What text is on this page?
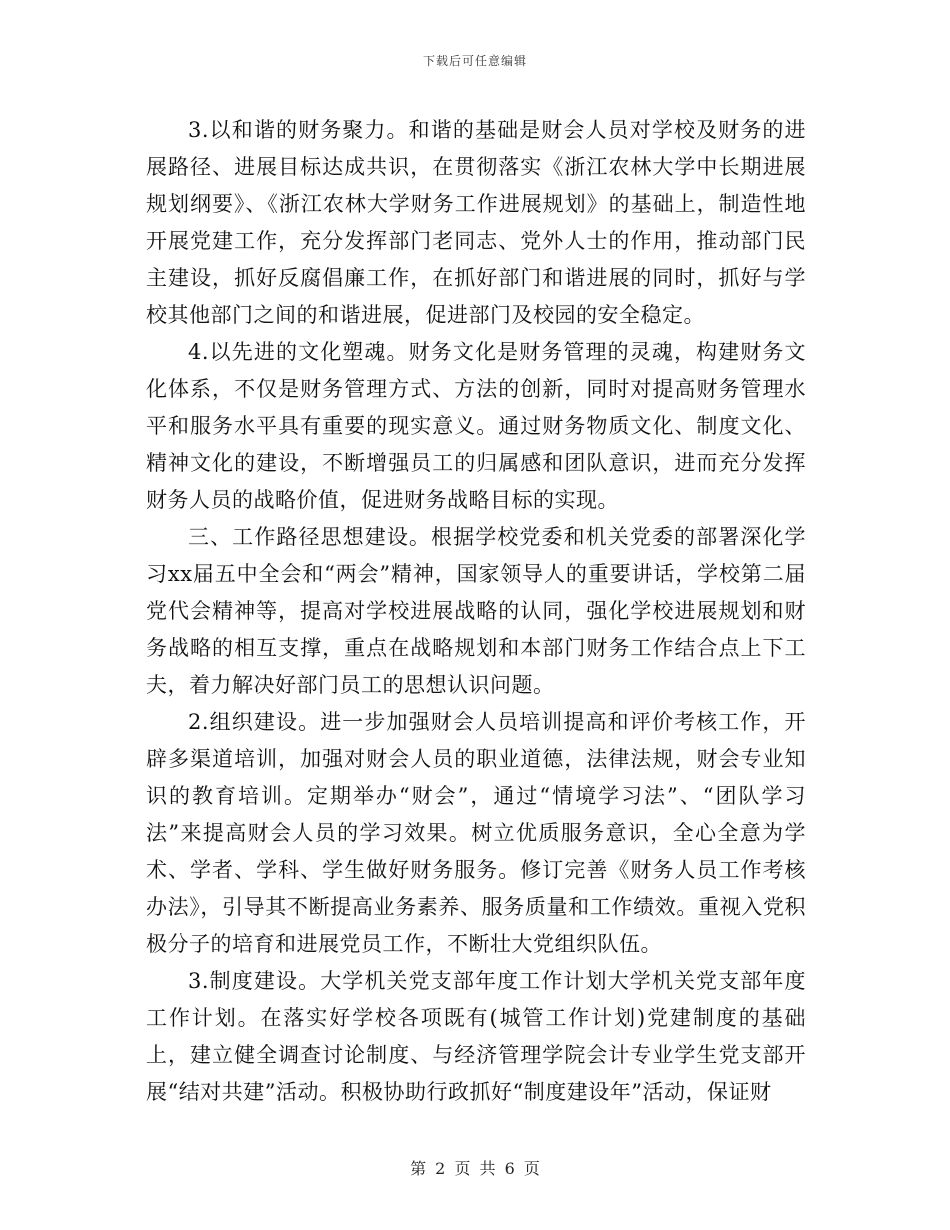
下载后可任意编辑

3.以和谐的财务聚力。和谐的基础是财会人员对学校及财务的进展路径、进展目标达成共识，在贯彻落实《浙江农林大学中长期进展规划纲要》、《浙江农林大学财务工作进展规划》的基础上，制造性地开展党建工作，充分发挥部门老同志、党外人士的作用，推动部门民主建设，抓好反腐倡廉工作，在抓好部门和谐进展的同时，抓好与学校其他部门之间的和谐进展，促进部门及校园的安全稳定。

4.以先进的文化塑魂。财务文化是财务管理的灵魂，构建财务文化体系，不仅是财务管理方式、方法的创新，同时对提高财务管理水平和服务水平具有重要的现实意义。通过财务物质文化、制度文化、精神文化的建设，不断增强员工的归属感和团队意识，进而充分发挥财务人员的战略价值，促进财务战略目标的实现。

三、工作路径思想建设。根据学校党委和机关党委的部署深化学习xx届五中全会和“两会”精神，国家领导人的重要讲话，学校第二届党代会精神等，提高对学校进展战略的认同，强化学校进展规划和财务战略的相互支撑，重点在战略规划和本部门财务工作结合点上下工夫，着力解决好部门员工的思想认识问题。

2.组织建设。进一步加强财会人员培训提高和评价考核工作，开辟多渠道培训，加强对财会人员的职业道德，法律法规，财会专业知识的教育培训。定期举办“财会”，通过“情境学习法”、“团队学习法”来提高财会人员的学习效果。树立优质服务意识，全心全意为学术、学者、学科、学生做好财务服务。修订完善《财务人员工作考核办法》，引导其不断提高业务素养、服务质量和工作绩效。重视入党积极分子的培育和进展党员工作，不断壮大党组织队伍。

3.制度建设。大学机关党支部年度工作计划大学机关党支部年度工作计划。在落实好学校各项既有(城管工作计划)党建制度的基础上，建立健全调查讨论制度、与经济管理学院会计专业学生党支部开展“结对共建”活动。积极协助行政抓好“制度建设年”活动，保证财

第 2 页 共 6 页
